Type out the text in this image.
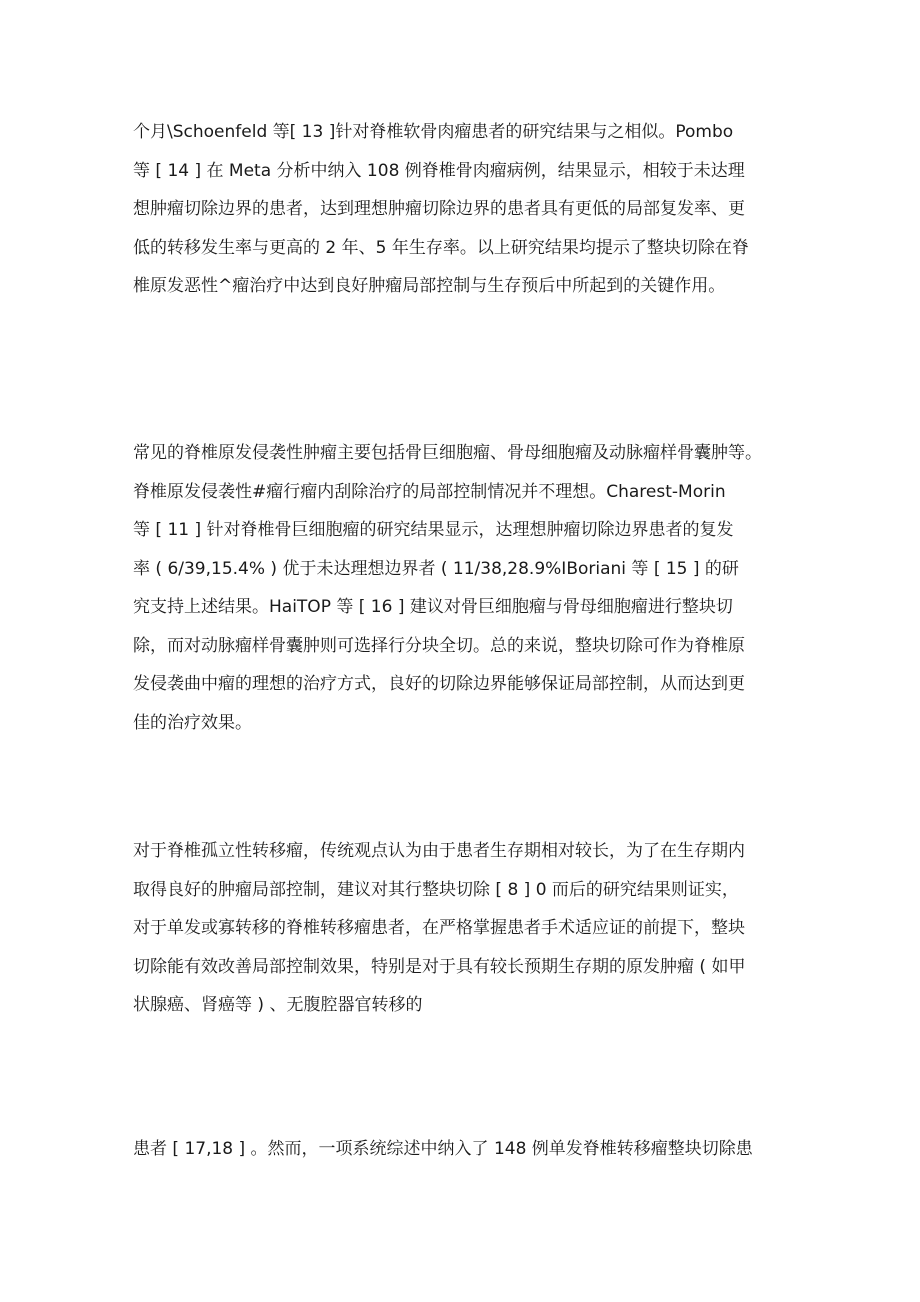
个月\Schoenfeld 等[ 13 ]针对脊椎软骨肉瘤患者的研究结果与之相似。Pombo
等 [ 14 ] 在 Meta 分析中纳入 108 例脊椎骨肉瘤病例，结果显示，相较于未达理
想肿瘤切除边界的患者，达到理想肿瘤切除边界的患者具有更低的局部复发率、更
低的转移发生率与更高的 2 年、5 年生存率。以上研究结果均提示了整块切除在脊
椎原发恶性^瘤治疗中达到良好肿瘤局部控制与生存预后中所起到的关键作用。
常见的脊椎原发侵袭性肿瘤主要包括骨巨细胞瘤、骨母细胞瘤及动脉瘤样骨囊肿等。
脊椎原发侵袭性#瘤行瘤内刮除治疗的局部控制情况并不理想。Charest-Morin
等 [ 11 ] 针对脊椎骨巨细胞瘤的研究结果显示，达理想肿瘤切除边界患者的复发
率 ( 6/39,15.4% ) 优于未达理想边界者 ( 11/38,28.9%IBoriani 等 [ 15 ] 的研
究支持上述结果。HaiTOP 等 [ 16 ] 建议对骨巨细胞瘤与骨母细胞瘤进行整块切
除，而对动脉瘤样骨囊肿则可选择行分块全切。总的来说，整块切除可作为脊椎原
发侵袭曲中瘤的理想的治疗方式，良好的切除边界能够保证局部控制，从而达到更
佳的治疗效果。
对于脊椎孤立性转移瘤，传统观点认为由于患者生存期相对较长，为了在生存期内
取得良好的肿瘤局部控制，建议对其行整块切除 [ 8 ] 0 而后的研究结果则证实，
对于单发或寡转移的脊椎转移瘤患者，在严格掌握患者手术适应证的前提下，整块
切除能有效改善局部控制效果，特别是对于具有较长预期生存期的原发肿瘤 ( 如甲
状腺癌、肾癌等 ) 、无腹腔器官转移的
患者 [ 17,18 ] 。然而，一项系统综述中纳入了 148 例单发脊椎转移瘤整块切除患
